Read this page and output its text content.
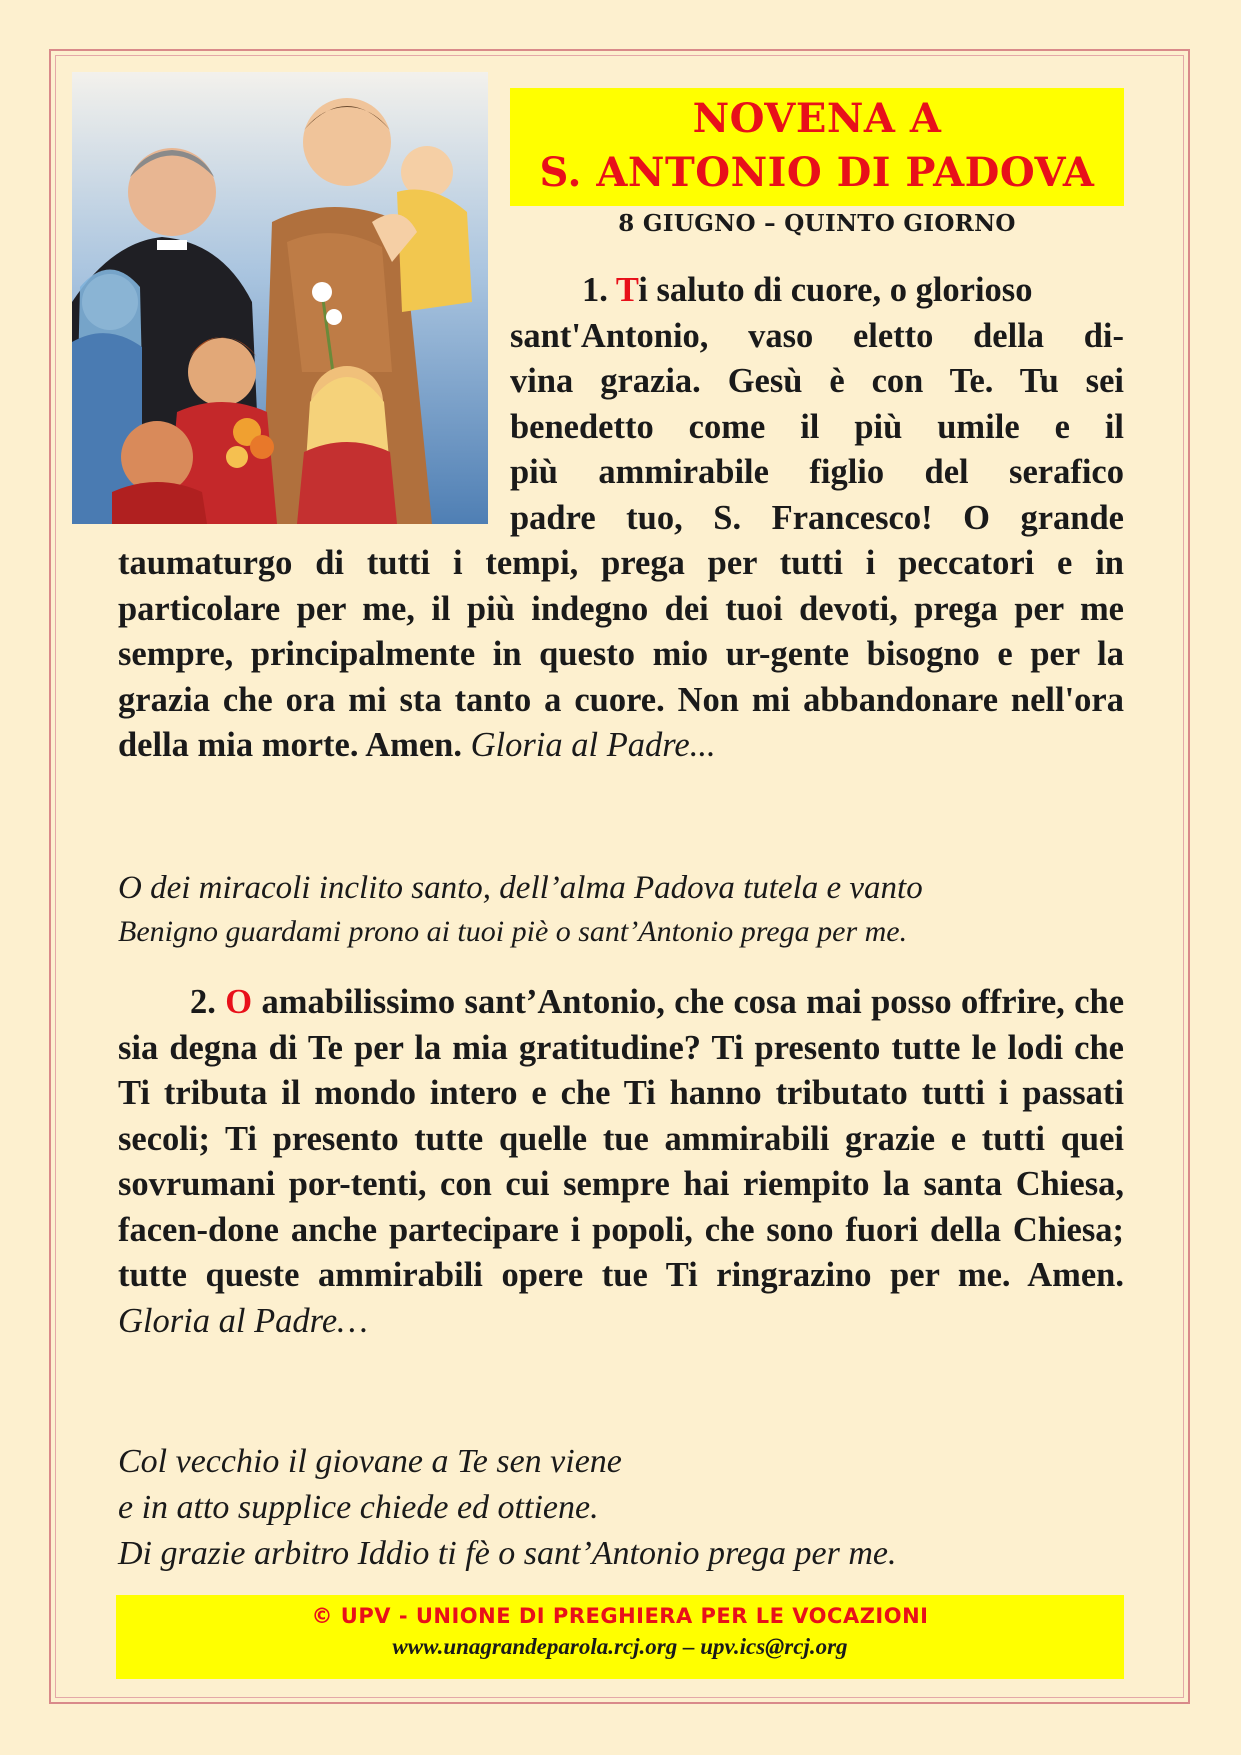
NOVENA A
S. ANTONIO DI PADOVA
8 GIUGNO – QUINTO GIORNO
1. Ti saluto di cuore, o glorioso
sant'Antonio, vaso eletto della di-
vina grazia. Gesù è con Te. Tu sei
benedetto come il più umile e il
più ammirabile figlio del serafico
padre tuo, S. Francesco! O grande
taumaturgo di tutti i tempi, prega per tutti i peccatori e in particolare per me, il più indegno dei tuoi devoti, prega per me sempre, principalmente in questo mio ur-gente bisogno e per la grazia che ora mi sta tanto a cuore. Non mi abbandonare nell'ora della mia morte. Amen. Gloria al Padre...
O dei miracoli inclito santo, dell’alma Padova tutela e vanto
Benigno guardami prono ai tuoi piè o sant’Antonio prega per me.
2. O amabilissimo sant’Antonio, che cosa mai posso offrire, che sia degna di Te per la mia gratitudine? Ti presento tutte le lodi che Ti tributa il mondo intero e che Ti hanno tributato tutti i passati secoli; Ti presento tutte quelle tue ammirabili grazie e tutti quei sovrumani por-tenti, con cui sempre hai riempito la santa Chiesa, facen-done anche partecipare i popoli, che sono fuori della Chiesa; tutte queste ammirabili opere tue Ti ringrazino per me. Amen. Gloria al Padre…
Col vecchio il giovane a Te sen viene
e in atto supplice chiede ed ottiene.
Di grazie arbitro Iddio ti fè o sant’Antonio prega per me.
© UPV - UNIONE DI PREGHIERA PER LE VOCAZIONI
www.unagrandeparola.rcj.org – upv.ics@rcj.org
